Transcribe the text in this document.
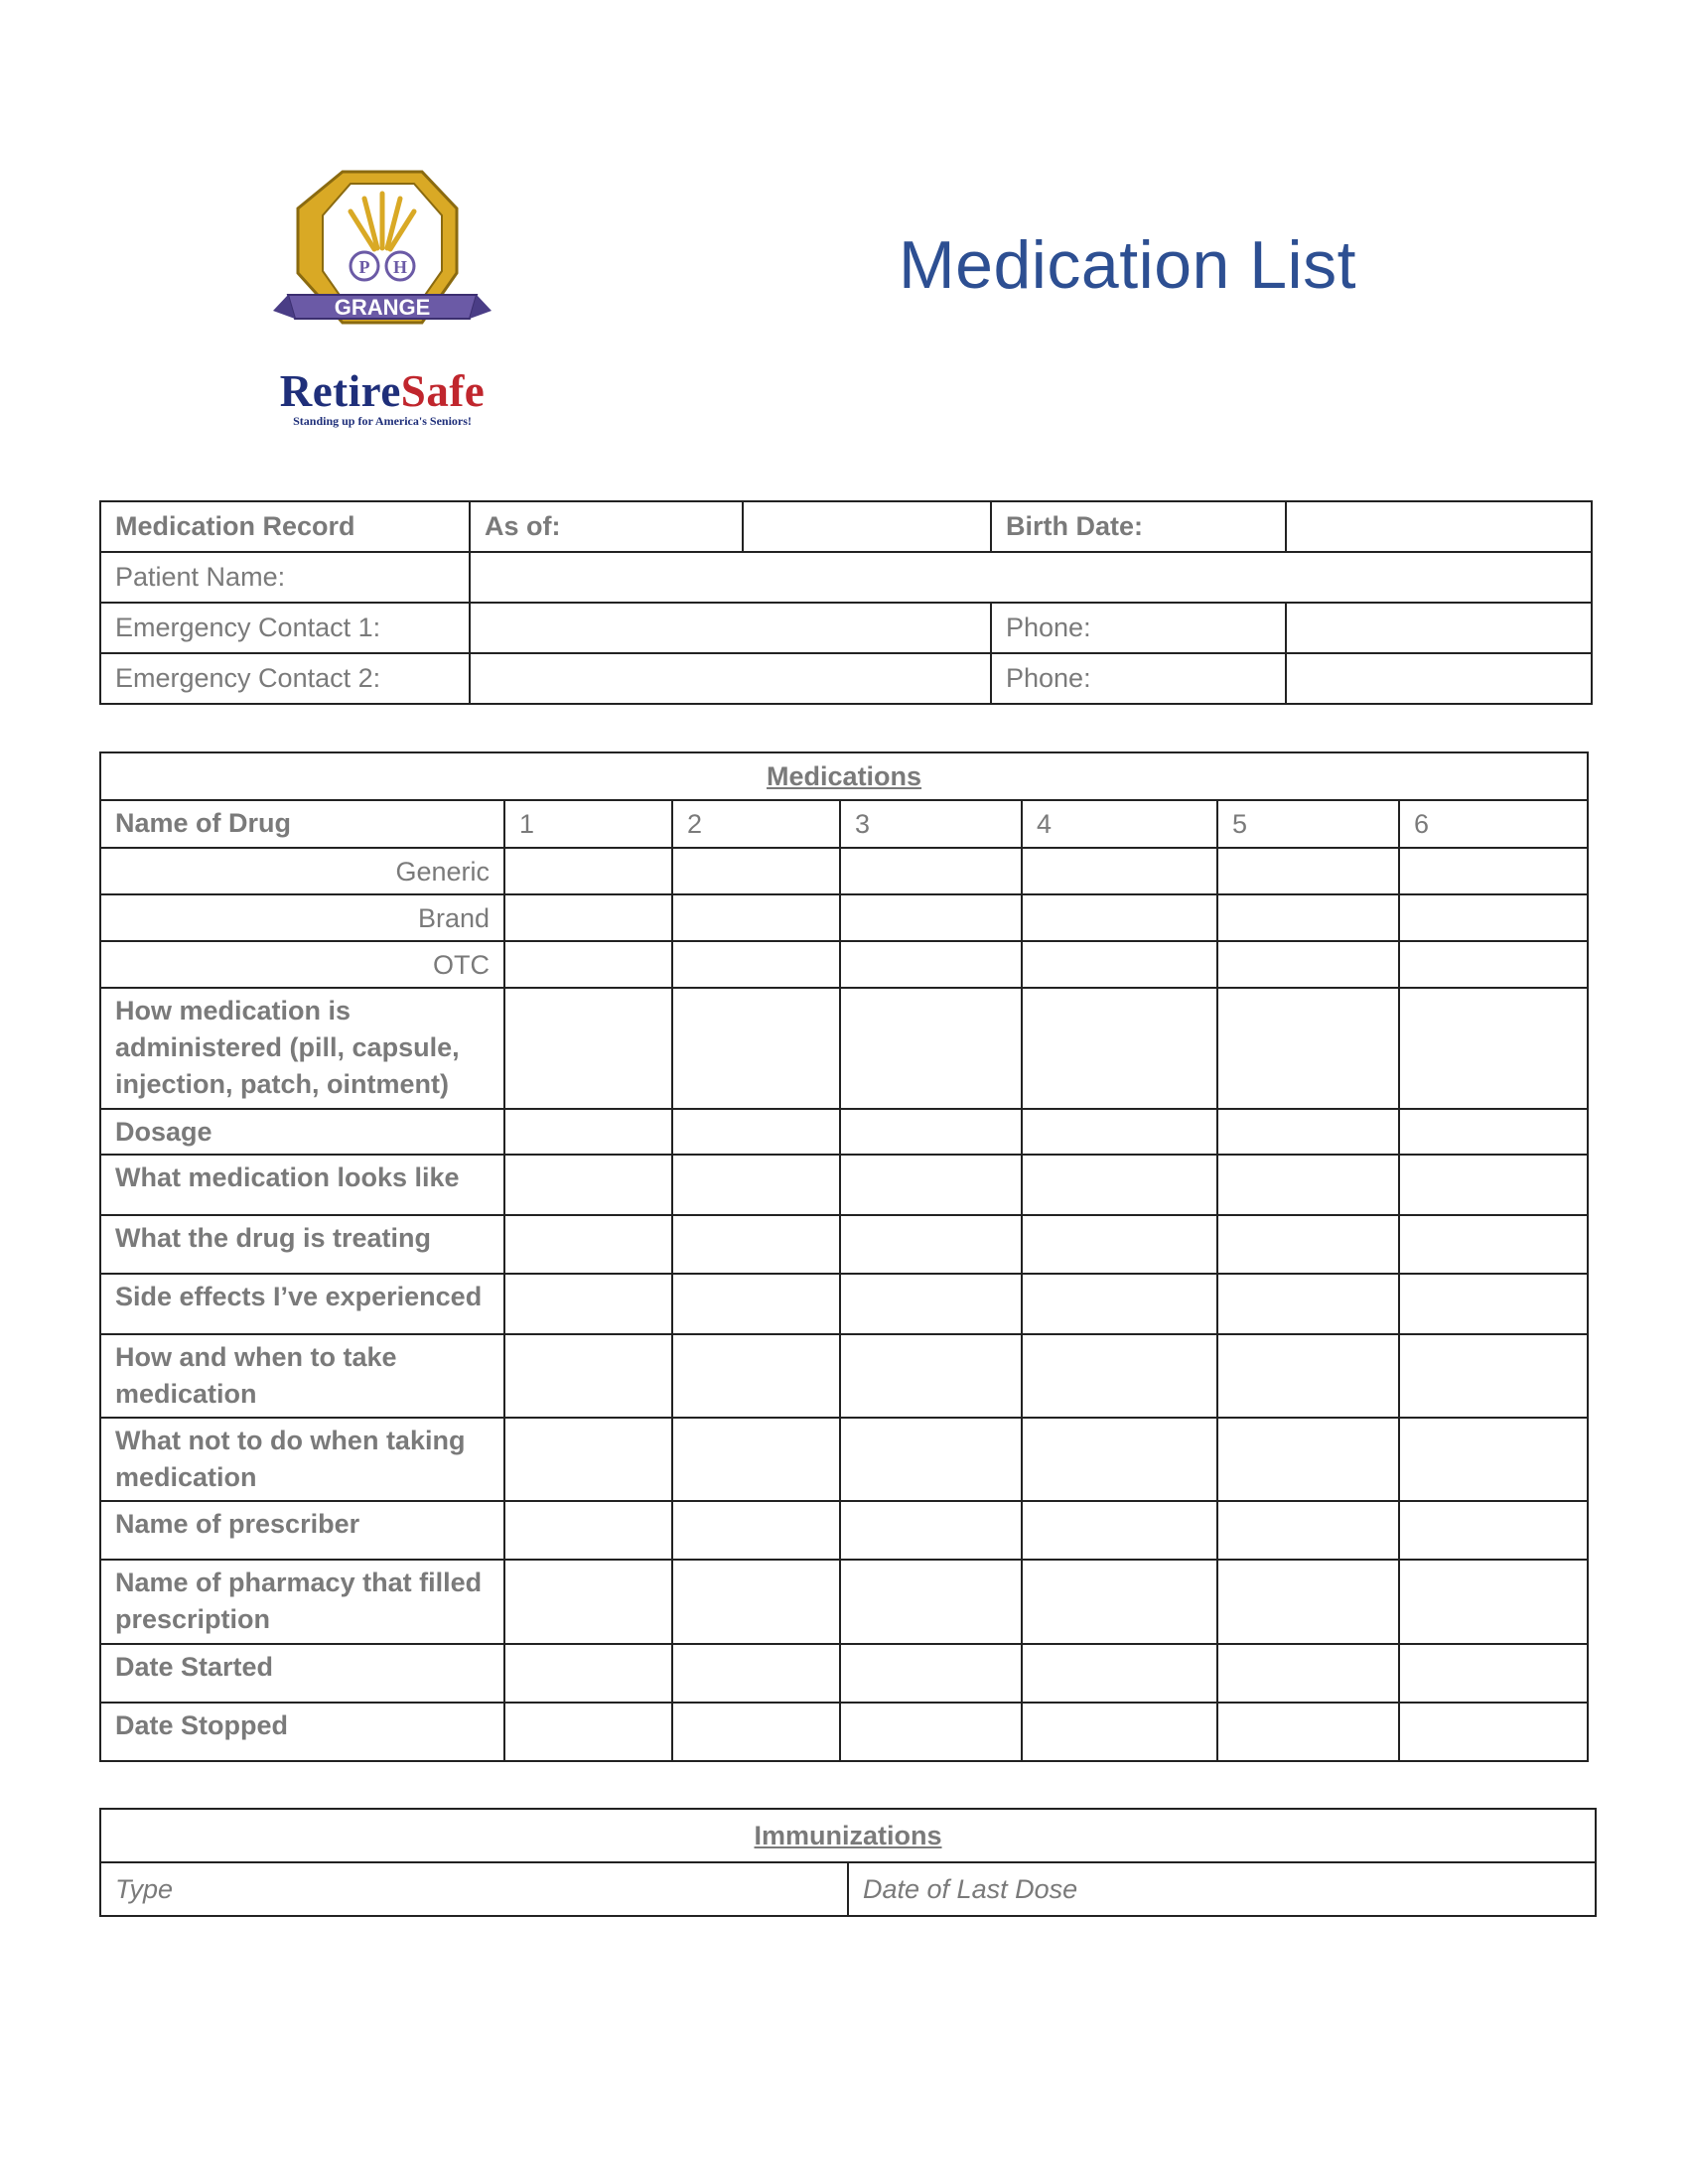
P H
GRANGE
RetireSafe
Standing up for America's Seniors!
Medication List
Medication Record	As of:		Birth Date:	
Patient Name:				
Emergency Contact 1:			Phone:	
Emergency Contact 2:			Phone:	
Medications						
Name of Drug	1	2	3	4	5	6
Generic						
Brand						
OTC						
How medication is administered (pill, capsule, injection, patch, ointment)						
Dosage						
What medication looks like						
What the drug is treating						
Side effects I’ve experienced						
How and when to take medication						
What not to do when taking medication						
Name of prescriber						
Name of pharmacy that filled prescription						
Date Started						
Date Stopped						
Immunizations
Type	Date of Last Dose
